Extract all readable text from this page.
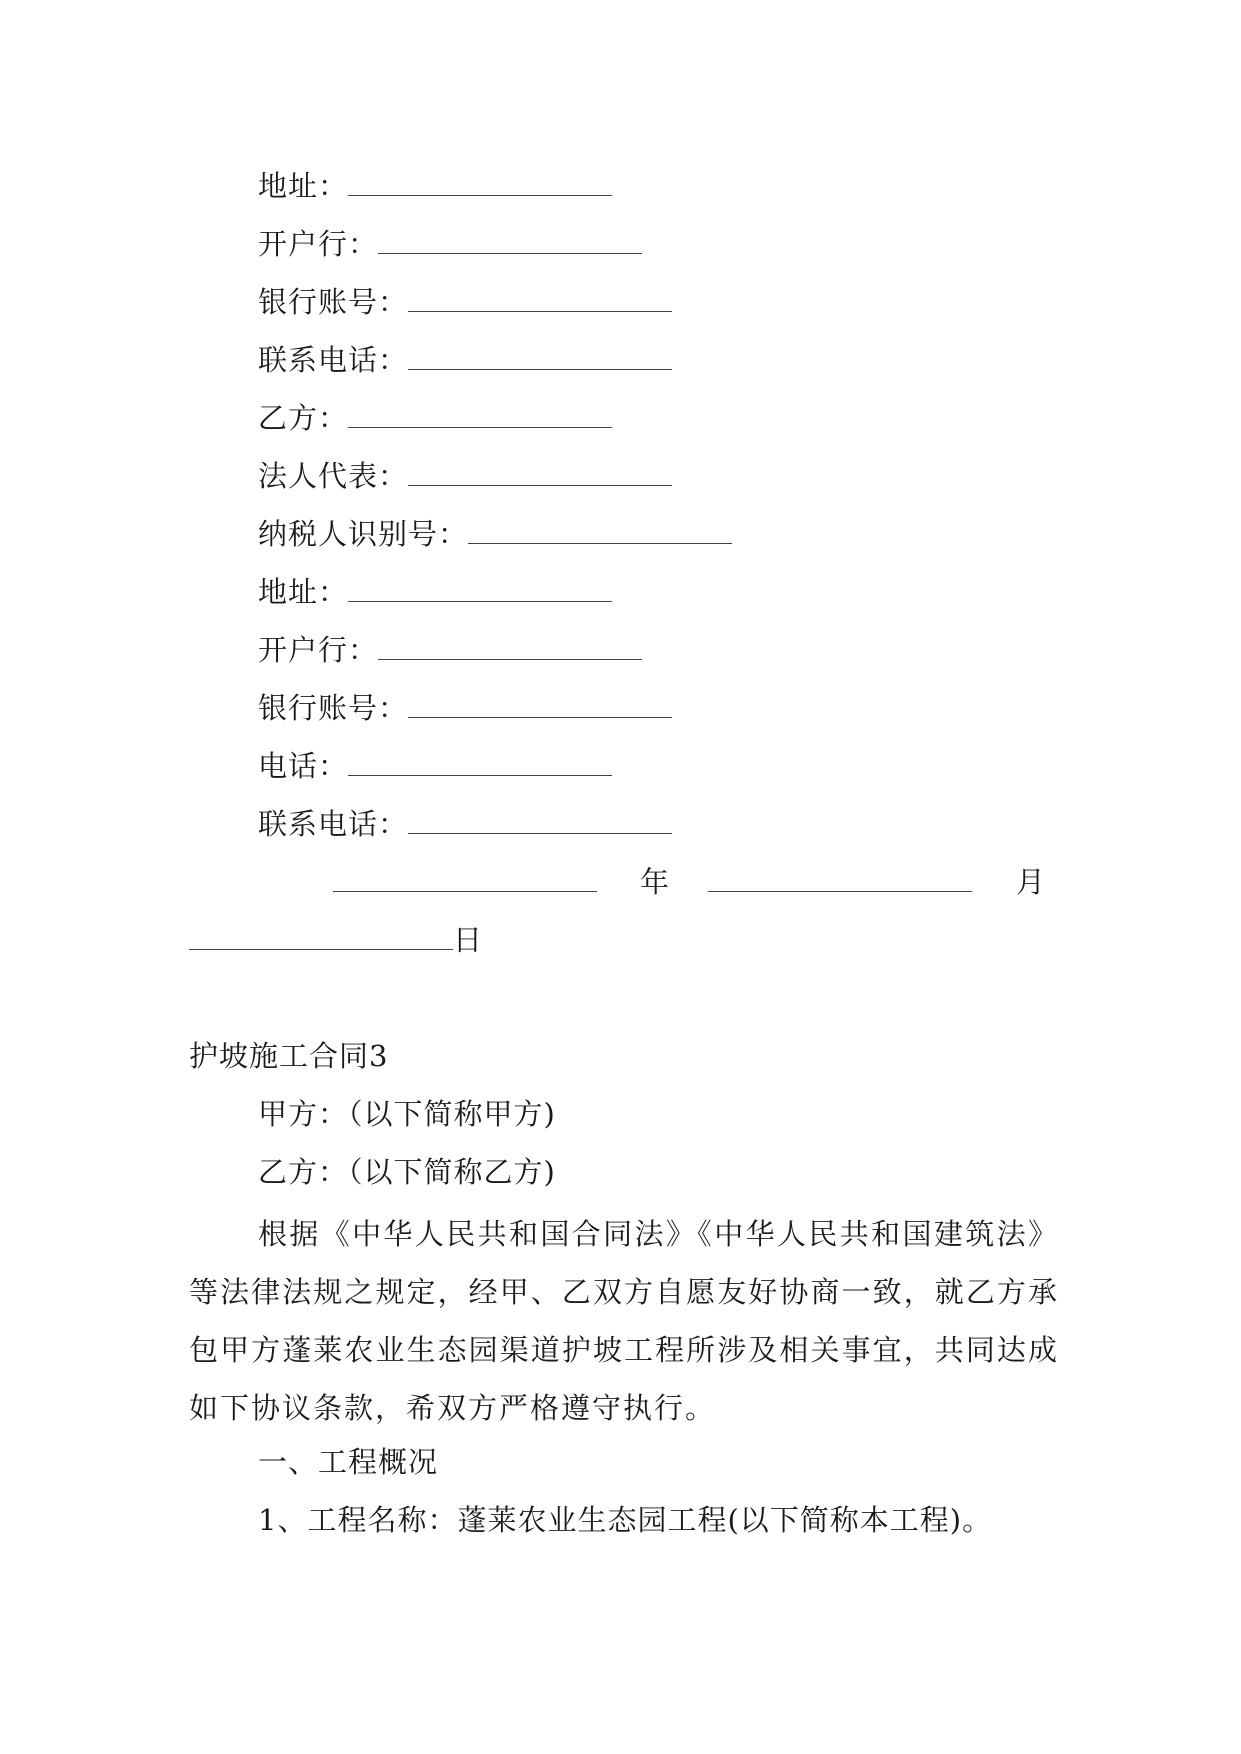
地址：
开户行：
银行账号：
联系电话：
乙方：
法人代表：
纳税人识别号：
地址：
开户行：
银行账号：
电话：
联系电话：
年	月
日
护坡施工合同3
甲方：（以下简称甲方)
乙方：（以下简称乙方)
根据《中华人民共和国合同法》《中华人民共和国建筑法》等法律法规之规定，经甲、乙双方自愿友好协商一致，就乙方承包甲方蓬莱农业生态园渠道护坡工程所涉及相关事宜，共同达成如下协议条款，希双方严格遵守执行。
一、工程概况
1、工程名称：蓬莱农业生态园工程(以下简称本工程)。
